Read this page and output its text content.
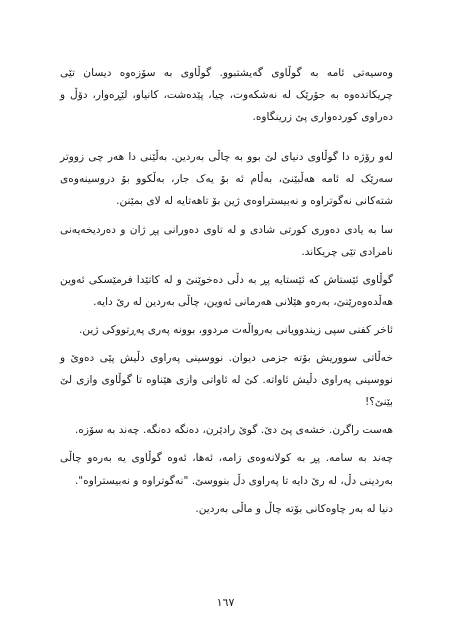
وەسیەتی ئامە بە گوڵاوی گەیشتبوو. گوڵاوی بە سۆزەوە دیسان تێی چریکاندەوە بە جۆرێک لە نەشکەوت، چیا، پێدەشت، کانیاو، لێڕەوار، دۆڵ و دەراوی کوردەواری پێ زرینگاوە.

لەو رۆژە دا گوڵاوی دنیای لێ بوو بە چاڵی بەردین. بەڵێنی دا هەر چی زووتر سەرێک لە ئامە هەڵبێنێ، بەڵام ئە بۆ یەک جار، بەڵکوو بۆ دروسینەوەی شتەکانی نەگوتراوە و نەبیستراوەی ژین بۆ تاهەتایە لە لای بمێنن.

سا بە یادی دەوری کورتی شادی و لە تاوی دەورانی پڕ ژان و دەردیخەیەنی نامرادی تێی چریکاند.

گوڵاوی ئێستاش کە ئێستایە پڕ بە دڵی دەخوێنێ و لە کاتێدا فرمێسکی ئەوین هەڵدەوەرێنێ، بەرەو هێلانی هەرمانی ئەوین، چاڵی بەردین لە رێ دایە.

ئاخر کفنی سپی زیندوویانی بەرواڵەت مردوو، بوونە پەری پەڕتووکی ژین.

خەڵاتی سووریش بۆتە جزمی دیوان. نووسینی پەراوی دڵیش پێی دەوێ و نووسینی پەراوی دڵیش ئاواتە. کێ لە ئاواتی وازی هێناوە تا گوڵاوی وازی لێ بێنێ؟!

هەست راگرن. خشەی پێ دێ. گوێ رادێرن، دەنگە دەنگە. چەند بە سۆزە.

چەند بە سامە. پڕ بە کولانەوەی زامە، ئەها، ئەوە گوڵاوی یە بەرەو چاڵی بەردینی دڵ، لە رێ دایە تا پەراوی دڵ بنووسێ. "نەگوتراوە و نەبیستراوە".

دنیا لە بەر چاوەکانی بۆتە چاڵ و ماڵی بەردین.

١٦٧
